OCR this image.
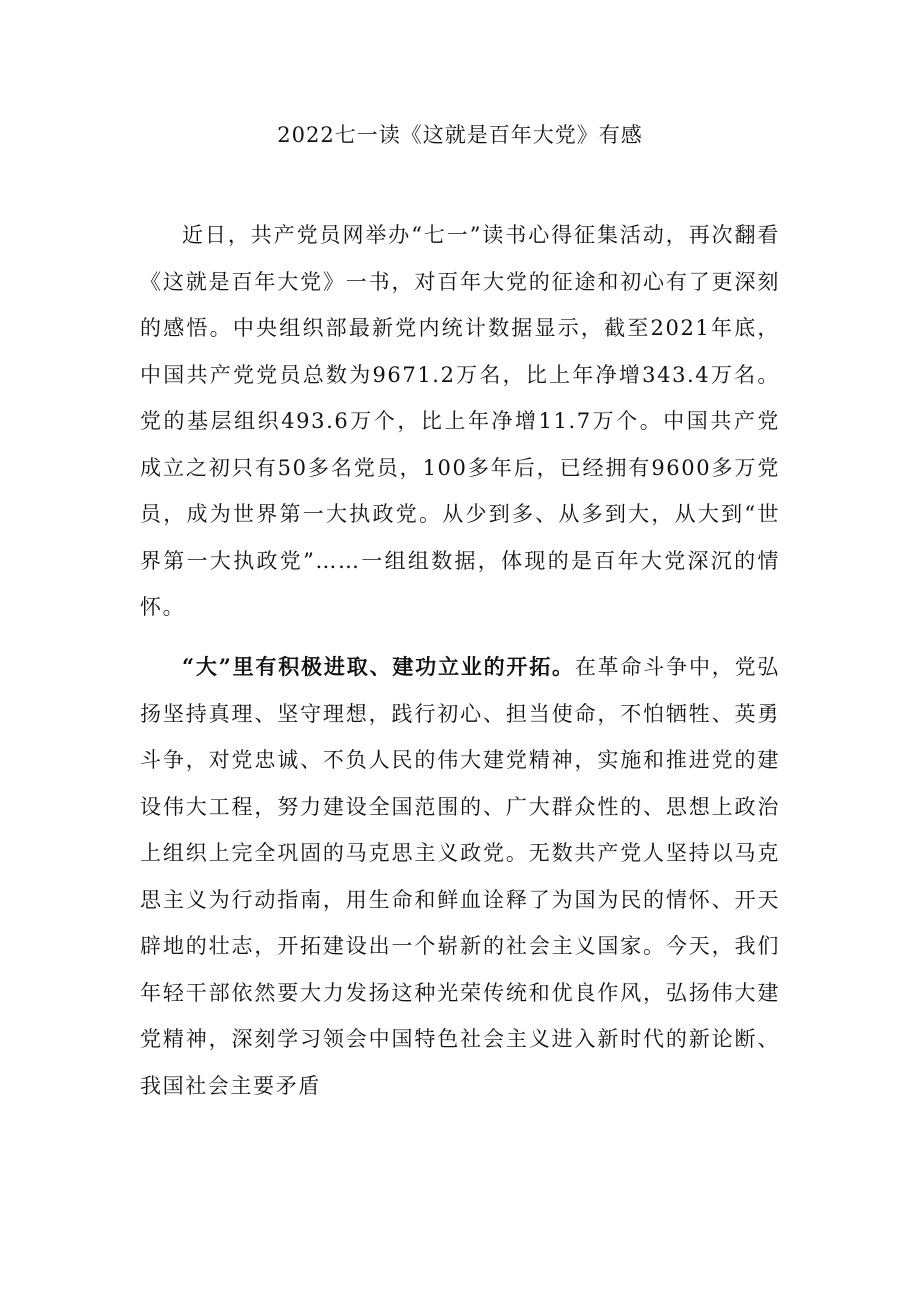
2022七一读《这就是百年大党》有感

近日，共产党员网举办“七一”读书心得征集活动，再次翻看《这就是百年大党》一书，对百年大党的征途和初心有了更深刻的感悟。中央组织部最新党内统计数据显示，截至2021年底，中国共产党党员总数为9671.2万名，比上年净增343.4万名。党的基层组织493.6万个，比上年净增11.7万个。中国共产党成立之初只有50多名党员，100多年后，已经拥有9600多万党员，成为世界第一大执政党。从少到多、从多到大，从大到“世界第一大执政党”……一组组数据，体现的是百年大党深沉的情怀。

“大”里有积极进取、建功立业的开拓。在革命斗争中，党弘扬坚持真理、坚守理想，践行初心、担当使命，不怕牺牲、英勇斗争，对党忠诚、不负人民的伟大建党精神，实施和推进党的建设伟大工程，努力建设全国范围的、广大群众性的、思想上政治上组织上完全巩固的马克思主义政党。无数共产党人坚持以马克思主义为行动指南，用生命和鲜血诠释了为国为民的情怀、开天辟地的壮志，开拓建设出一个崭新的社会主义国家。今天，我们年轻干部依然要大力发扬这种光荣传统和优良作风，弘扬伟大建党精神，深刻学习领会中国特色社会主义进入新时代的新论断、我国社会主要矛盾
